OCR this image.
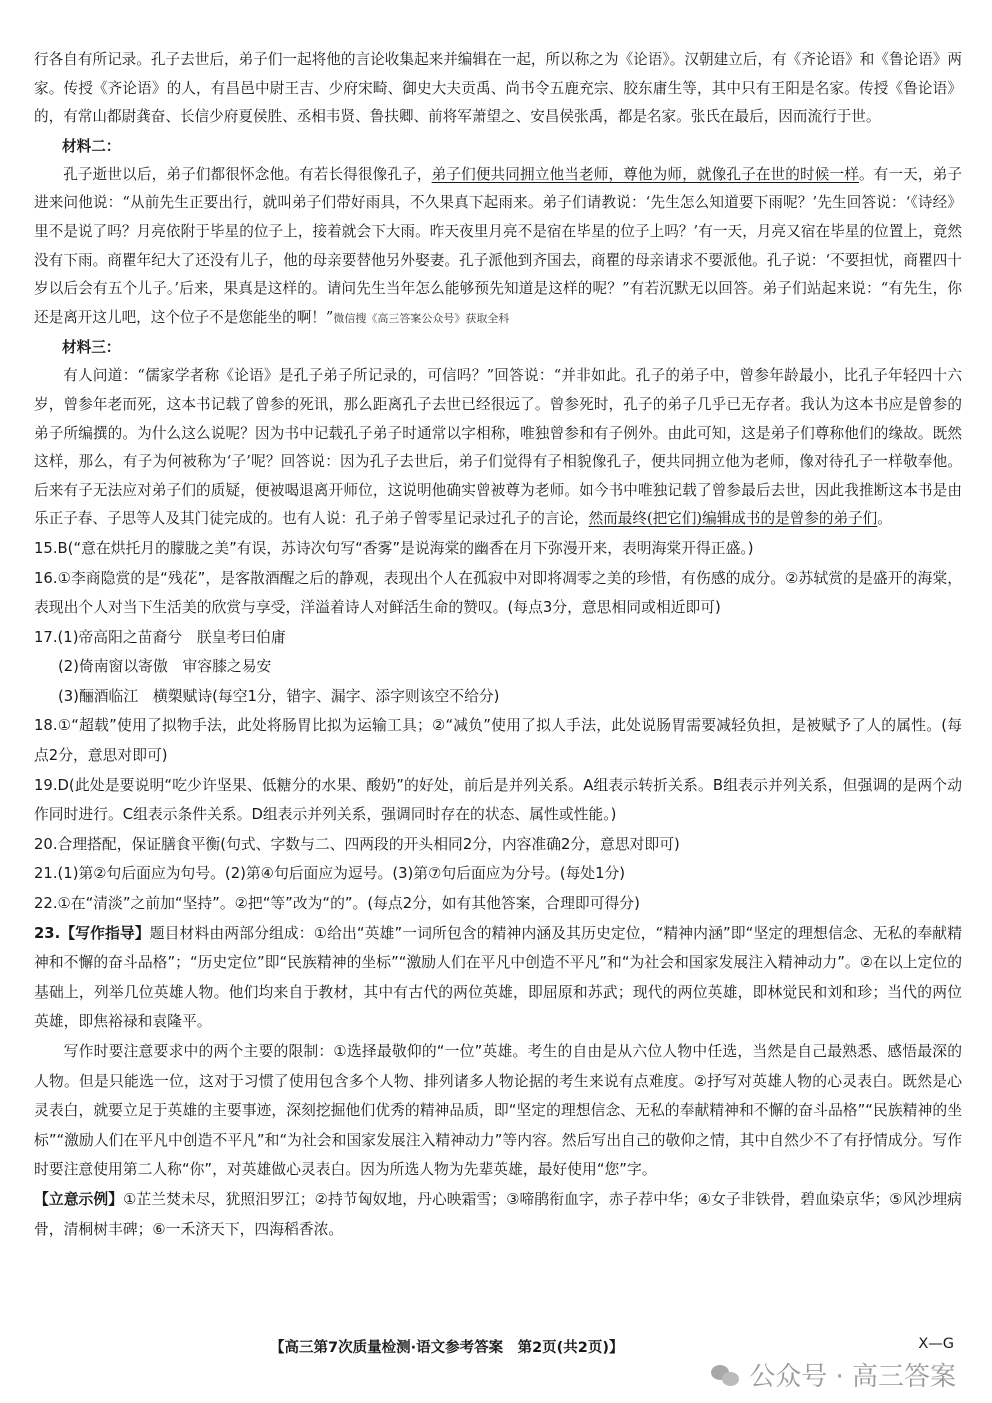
行各自有所记录。孔子去世后，弟子们一起将他的言论收集起来并编辑在一起，所以称之为《论语》。汉朝建立后，有《齐论语》和《鲁论语》两家。传授《齐论语》的人，有昌邑中尉王吉、少府宋畸、御史大夫贡禹、尚书令五鹿充宗、胶东庸生等，其中只有王阳是名家。传授《鲁论语》的，有常山都尉龚奋、长信少府夏侯胜、丞相韦贤、鲁扶卿、前将军萧望之、安昌侯张禹，都是名家。张氏在最后，因而流行于世。

材料二：

孔子逝世以后，弟子们都很怀念他。有若长得很像孔子，弟子们便共同拥立他当老师，尊他为师，就像孔子在世的时候一样。有一天，弟子进来问他说：“从前先生正要出行，就叫弟子们带好雨具，不久果真下起雨来。弟子们请教说：‘先生怎么知道要下雨呢？’先生回答说：‘《诗经》里不是说了吗？月亮依附于毕星的位子上，接着就会下大雨。昨天夜里月亮不是宿在毕星的位子上吗？’有一天，月亮又宿在毕星的位置上，竟然没有下雨。商瞿年纪大了还没有儿子，他的母亲要替他另外娶妻。孔子派他到齐国去，商瞿的母亲请求不要派他。孔子说：‘不要担忧，商瞿四十岁以后会有五个儿子。’后来，果真是这样的。请问先生当年怎么能够预先知道是这样的呢？”有若沉默无以回答。弟子们站起来说：“有先生，你还是离开这儿吧，这个位子不是您能坐的啊！”微信搜《高三答案公众号》获取全科

材料三：

有人问道：“儒家学者称《论语》是孔子弟子所记录的，可信吗？”回答说：“并非如此。孔子的弟子中，曾参年龄最小，比孔子年轻四十六岁，曾参年老而死，这本书记载了曾参的死讯，那么距离孔子去世已经很远了。曾参死时，孔子的弟子几乎已无存者。我认为这本书应是曾参的弟子所编撰的。为什么这么说呢？因为书中记载孔子弟子时通常以字相称，唯独曾参和有子例外。由此可知，这是弟子们尊称他们的缘故。既然这样，那么，有子为何被称为‘子’呢？回答说：因为孔子去世后，弟子们觉得有子相貌像孔子，便共同拥立他为老师，像对待孔子一样敬奉他。后来有子无法应对弟子们的质疑，便被喝退离开师位，这说明他确实曾被尊为老师。如今书中唯独记载了曾参最后去世，因此我推断这本书是由乐正子春、子思等人及其门徒完成的。也有人说：孔子弟子曾零星记录过孔子的言论，然而最终(把它们)编辑成书的是曾参的弟子们。

15.B(“意在烘托月的朦胧之美”有误，苏诗次句写“香雾”是说海棠的幽香在月下弥漫开来，表明海棠开得正盛。)
16.①李商隐赏的是“残花”，是客散酒醒之后的静观，表现出个人在孤寂中对即将凋零之美的珍惜，有伤感的成分。②苏轼赏的是盛开的海棠，表现出个人对当下生活美的欣赏与享受，洋溢着诗人对鲜活生命的赞叹。(每点3分，意思相同或相近即可)
17.(1)帝高阳之苗裔兮　朕皇考曰伯庸
(2)倚南窗以寄傲　审容膝之易安
(3)酾酒临江　横槊赋诗(每空1分，错字、漏字、添字则该空不给分)
18.①“超载”使用了拟物手法，此处将肠胃比拟为运输工具；②“减负”使用了拟人手法，此处说肠胃需要减轻负担，是被赋予了人的属性。(每点2分，意思对即可)
19.D(此处是要说明“吃少许坚果、低糖分的水果、酸奶”的好处，前后是并列关系。A组表示转折关系。B组表示并列关系，但强调的是两个动作同时进行。C组表示条件关系。D组表示并列关系，强调同时存在的状态、属性或性能。)
20.合理搭配，保证膳食平衡(句式、字数与二、四两段的开头相同2分，内容准确2分，意思对即可)
21.(1)第②句后面应为句号。(2)第④句后面应为逗号。(3)第⑦句后面应为分号。(每处1分)
22.①在“清淡”之前加“坚持”。②把“等”改为“的”。(每点2分，如有其他答案，合理即可得分)
23.【写作指导】题目材料由两部分组成：①给出“英雄”一词所包含的精神内涵及其历史定位，“精神内涵”即“坚定的理想信念、无私的奉献精神和不懈的奋斗品格”；“历史定位”即“民族精神的坐标”“激励人们在平凡中创造不平凡”和“为社会和国家发展注入精神动力”。②在以上定位的基础上，列举几位英雄人物。他们均来自于教材，其中有古代的两位英雄，即屈原和苏武；现代的两位英雄，即林觉民和刘和珍；当代的两位英雄，即焦裕禄和袁隆平。
写作时要注意要求中的两个主要的限制：①选择最敬仰的“一位”英雄。考生的自由是从六位人物中任选，当然是自己最熟悉、感悟最深的人物。但是只能选一位，这对于习惯了使用包含多个人物、排列诸多人物论据的考生来说有点难度。②抒写对英雄人物的心灵表白。既然是心灵表白，就要立足于英雄的主要事迹，深刻挖掘他们优秀的精神品质，即“坚定的理想信念、无私的奉献精神和不懈的奋斗品格”“民族精神的坐标”“激励人们在平凡中创造不平凡”和“为社会和国家发展注入精神动力”等内容。然后写出自己的敬仰之情，其中自然少不了有抒情成分。写作时要注意使用第二人称“你”，对英雄做心灵表白。因为所选人物为先辈英雄，最好使用“您”字。
【立意示例】①芷兰焚未尽，犹照汨罗江；②持节匈奴地，丹心映霜雪；③啼鹃衔血字，赤子荐中华；④女子非铁骨，碧血染京华；⑤风沙埋病骨，清桐树丰碑；⑥一禾济天下，四海稻香浓。
【高三第7次质量检测·语文参考答案　第2页(共2页)】	X—G
公众号 · 高三答案
